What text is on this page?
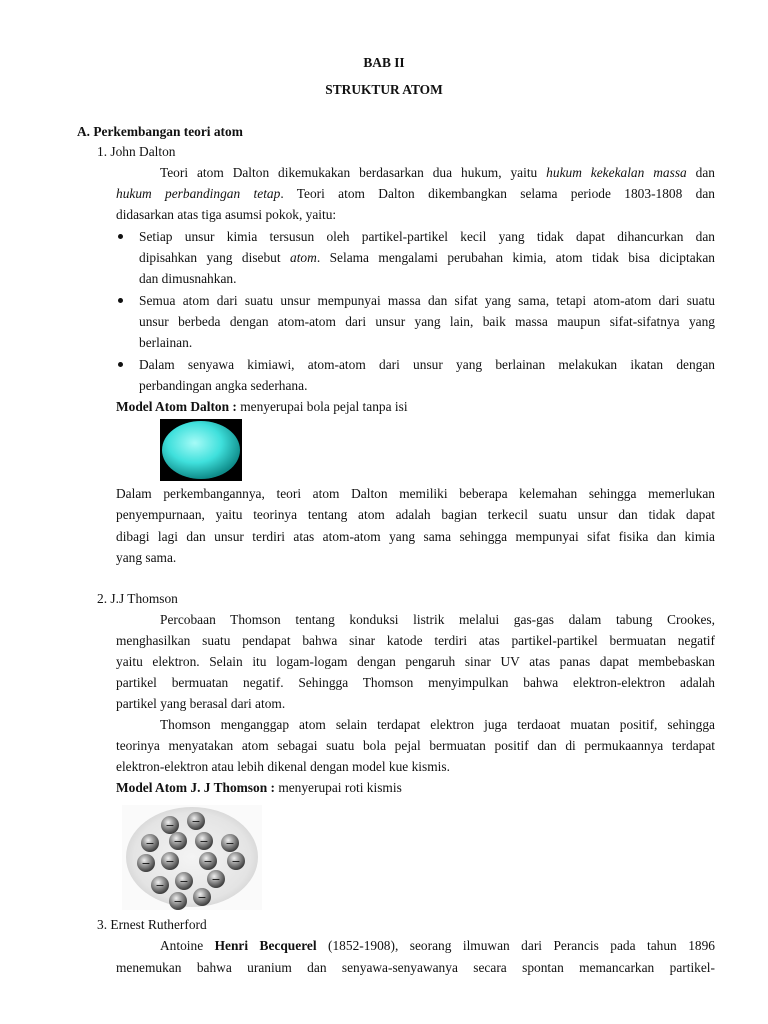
BAB II
STRUKTUR ATOM
A. Perkembangan teori atom
1. John Dalton
Teori atom Dalton dikemukakan berdasarkan dua hukum, yaitu hukum kekekalan massa dan
hukum perbandingan tetap. Teori atom Dalton dikembangkan selama periode 1803-1808 dan
didasarkan atas tiga asumsi pokok, yaitu:
Setiap unsur kimia tersusun oleh partikel-partikel kecil yang tidak dapat dihancurkan dan
dipisahkan yang disebut atom. Selama mengalami perubahan kimia, atom tidak bisa diciptakan
dan dimusnahkan.
Semua atom dari suatu unsur mempunyai massa dan sifat yang sama, tetapi atom-atom dari suatu
unsur berbeda dengan atom-atom dari unsur yang lain, baik massa maupun sifat-sifatnya yang
berlainan.
Dalam senyawa kimiawi, atom-atom dari unsur yang berlainan melakukan ikatan dengan
perbandingan angka sederhana.
Model Atom Dalton : menyerupai bola pejal tanpa isi
Dalam perkembangannya, teori atom Dalton memiliki beberapa kelemahan sehingga memerlukan
penyempurnaan, yaitu teorinya tentang atom adalah bagian terkecil suatu unsur dan tidak dapat
dibagi lagi dan unsur terdiri atas atom-atom yang sama sehingga mempunyai sifat fisika dan kimia
yang sama.
2. J.J Thomson
Percobaan Thomson tentang konduksi listrik melalui gas-gas dalam tabung Crookes,
menghasilkan suatu pendapat bahwa sinar katode terdiri atas partikel-partikel bermuatan negatif
yaitu elektron. Selain itu logam-logam dengan pengaruh sinar UV atas panas dapat membebaskan
partikel bermuatan negatif. Sehingga Thomson menyimpulkan bahwa elektron-elektron adalah
partikel yang berasal dari atom.
Thomson menganggap atom selain terdapat elektron juga terdaoat muatan positif, sehingga
teorinya menyatakan atom sebagai suatu bola pejal bermuatan positif dan di permukaannya terdapat
elektron-elektron atau lebih dikenal dengan model kue kismis.
Model Atom J. J Thomson : menyerupai roti kismis
− −
− − − −
− −	− −
− − −
− −
3. Ernest Rutherford
Antoine Henri Becquerel (1852-1908), seorang ilmuwan dari Perancis pada tahun 1896
menemukan bahwa uranium dan senyawa-senyawanya secara spontan memancarkan partikel-
